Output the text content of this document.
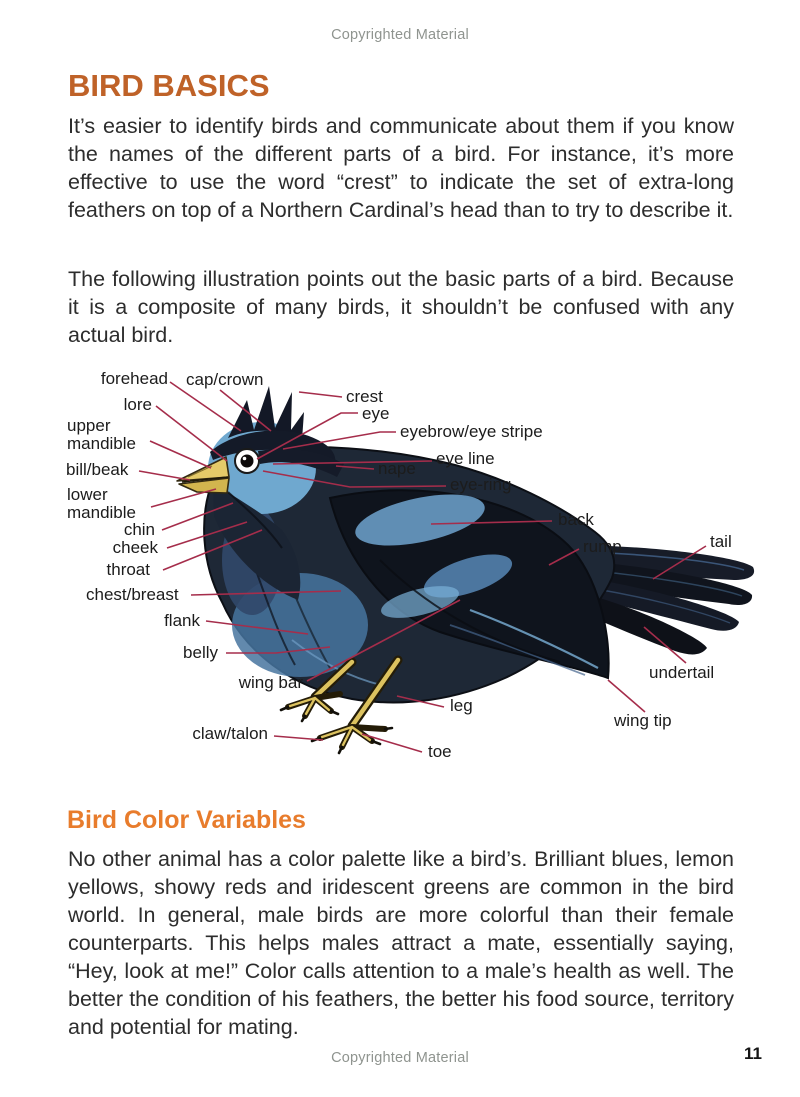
Copyrighted Material
BIRD BASICS
It’s easier to identify birds and communicate about them if you know the names of the different parts of a bird. For instance, it’s more effective to use the word “crest” to indicate the set of extra-long feathers on top of a Northern Cardinal’s head than to try to describe it.
The following illustration points out the basic parts of a bird. Because it is a composite of many birds, it shouldn’t be confused with any actual bird.
forehead cap/crown
lore
upper mandible
bill/beak
lower mandible
chin
cheek
throat
chest/breast
flank
belly
wing bar
claw/talon
crest
eye
eyebrow/eye stripe
eye line
nape
eye-ring
back
rump	tail
undertail
wing tip
leg
toe
Bird Color Variables
No other animal has a color palette like a bird’s. Brilliant blues, lemon yellows, showy reds and iridescent greens are common in the bird world. In general, male birds are more colorful than their female counterparts. This helps males attract a mate, essentially saying, “Hey, look at me!” Color calls attention to a male’s health as well. The better the condition of his feathers, the better his food source, territory and potential for mating.
Copyrighted Material	11
